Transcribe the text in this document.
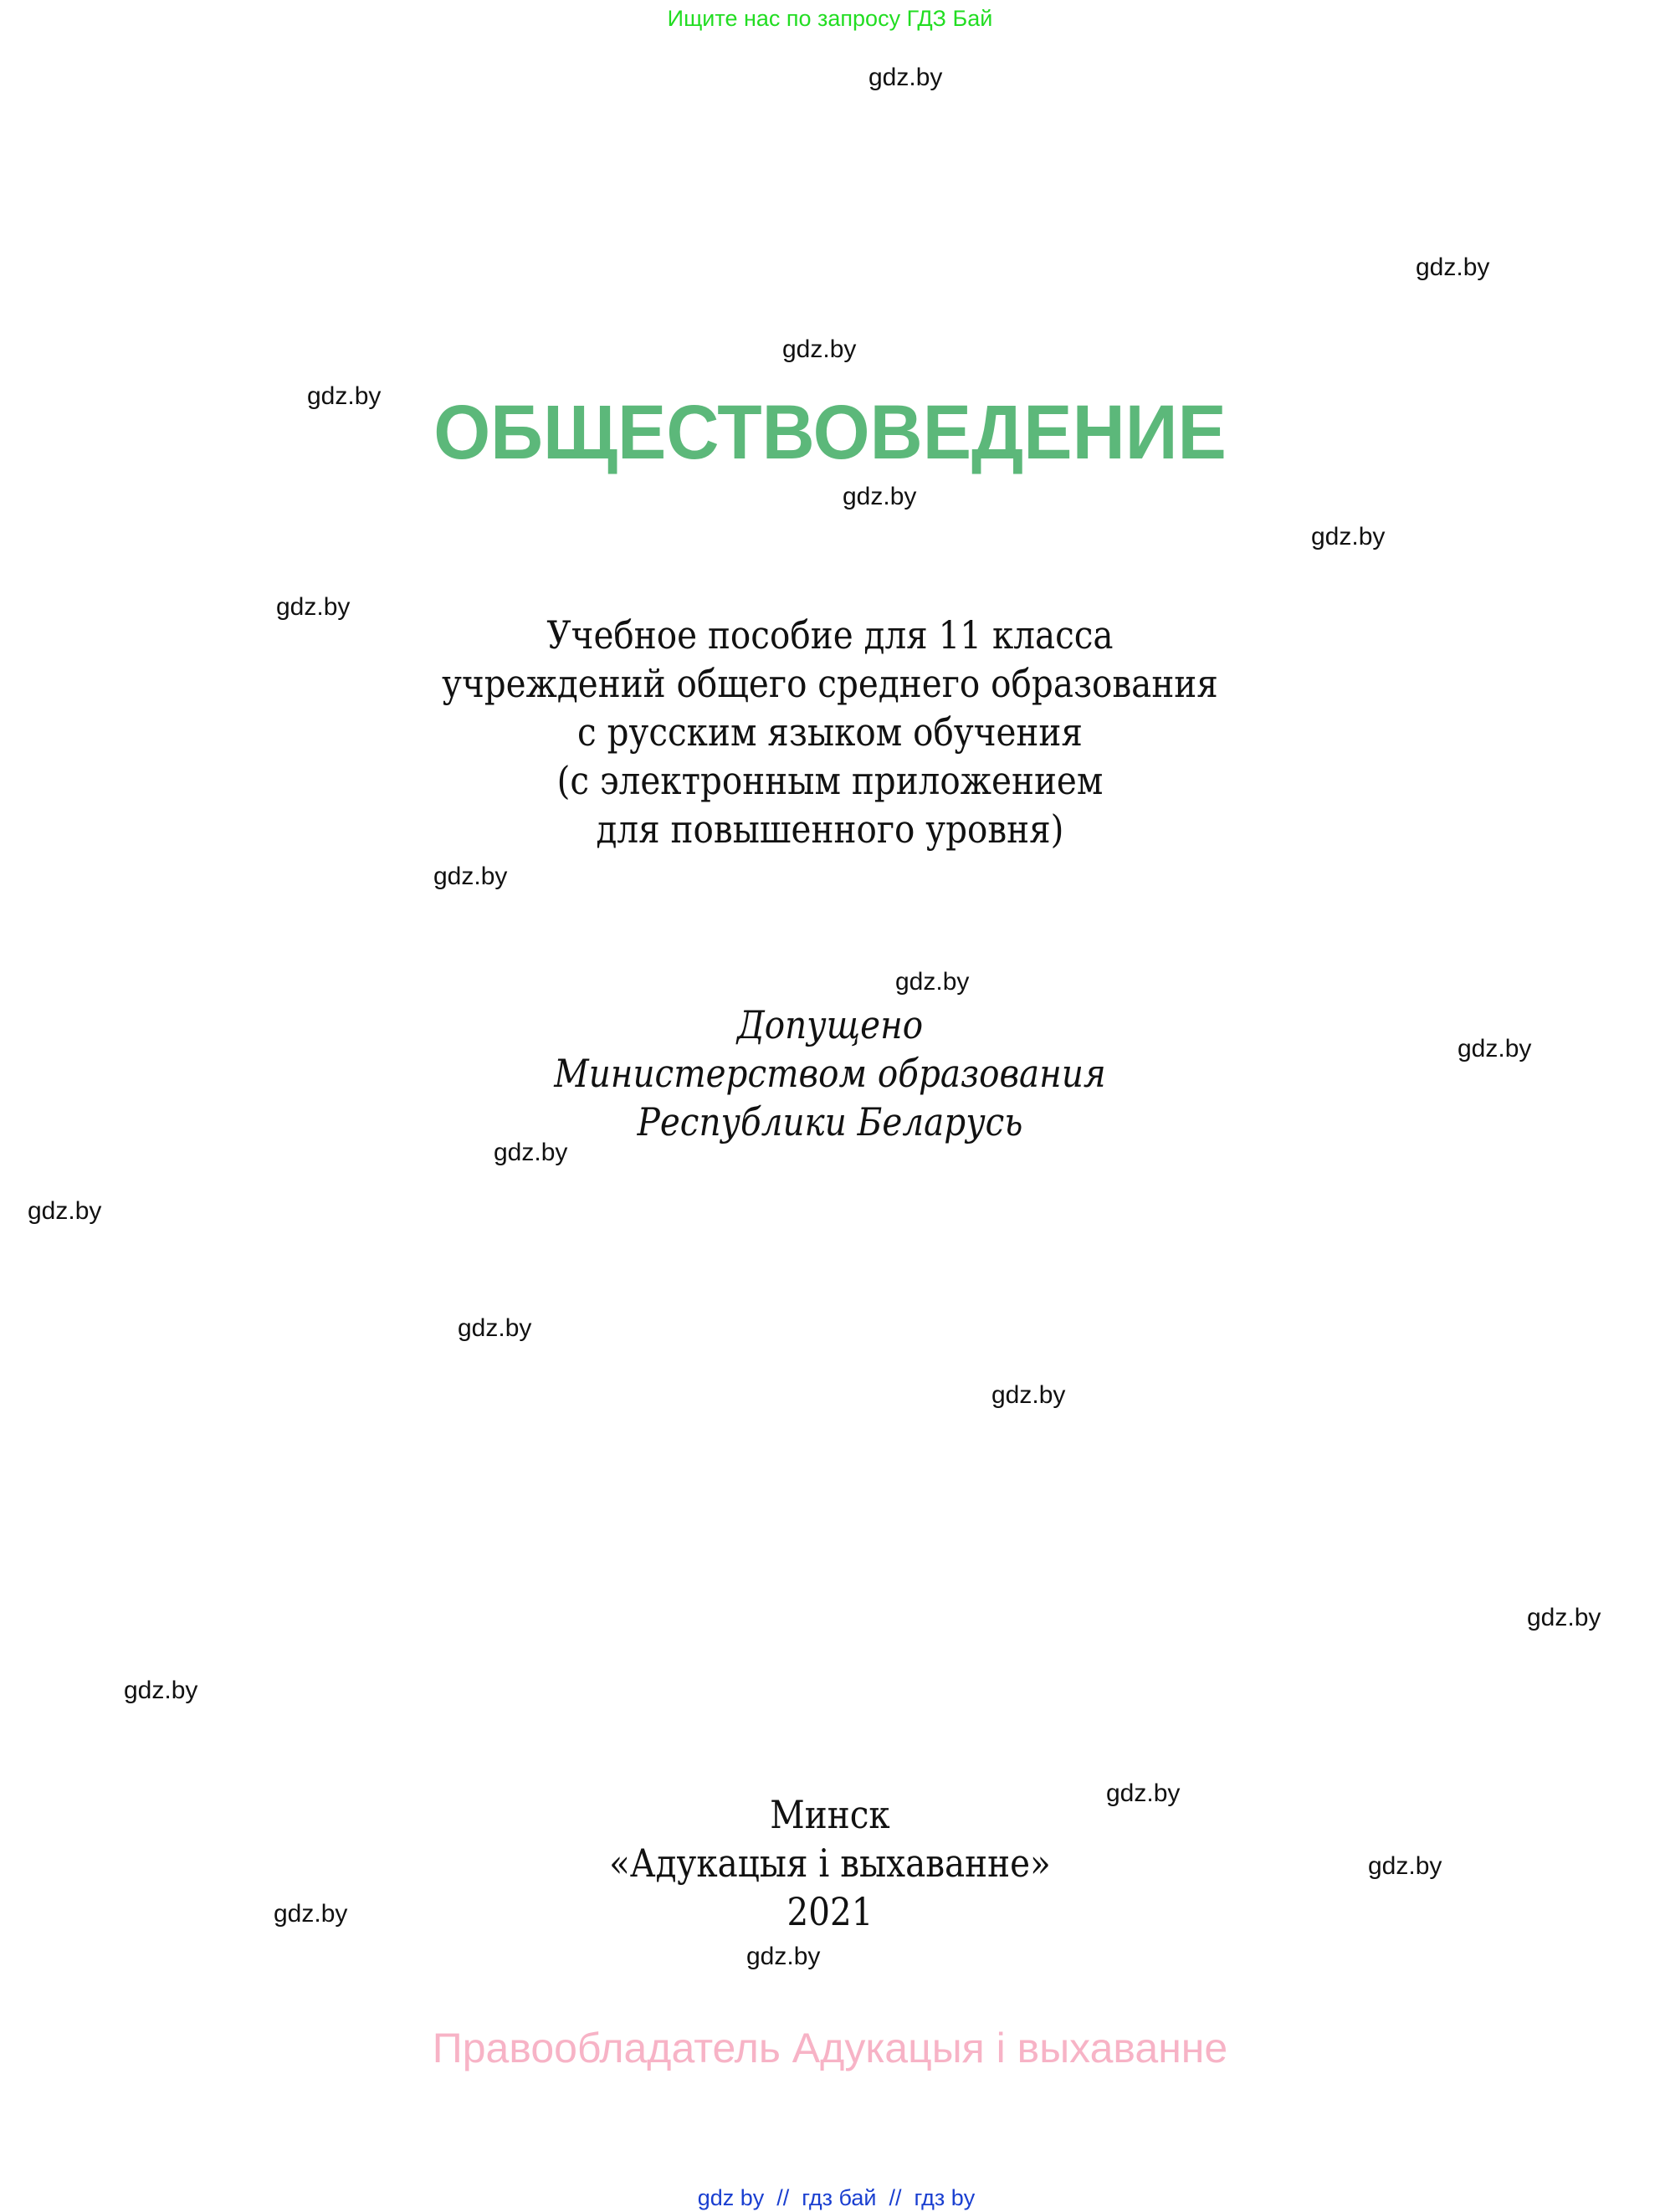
Ищите нас по запросу ГДЗ Бай
gdz.by
gdz.by
gdz.by
gdz.by
gdz.by
gdz.by
gdz.by
gdz.by
gdz.by
gdz.by
gdz.by
gdz.by
gdz.by
gdz.by
gdz.by
gdz.by
gdz.by
gdz.by
gdz.by
gdz.by
ОБЩЕСТВОВЕДЕНИЕ
Учебное пособие для 11 класса
учреждений общего среднего образования
с русским языком обучения
(с электронным приложением
для повышенного уровня)
Допущено
Министерством образования
Республики Беларусь
Минск
«Адукацыя і выхаванне»
2021
Правообладатель Адукацыя і выхаванне

gdz by  //  гдз бай  //  гдз by
